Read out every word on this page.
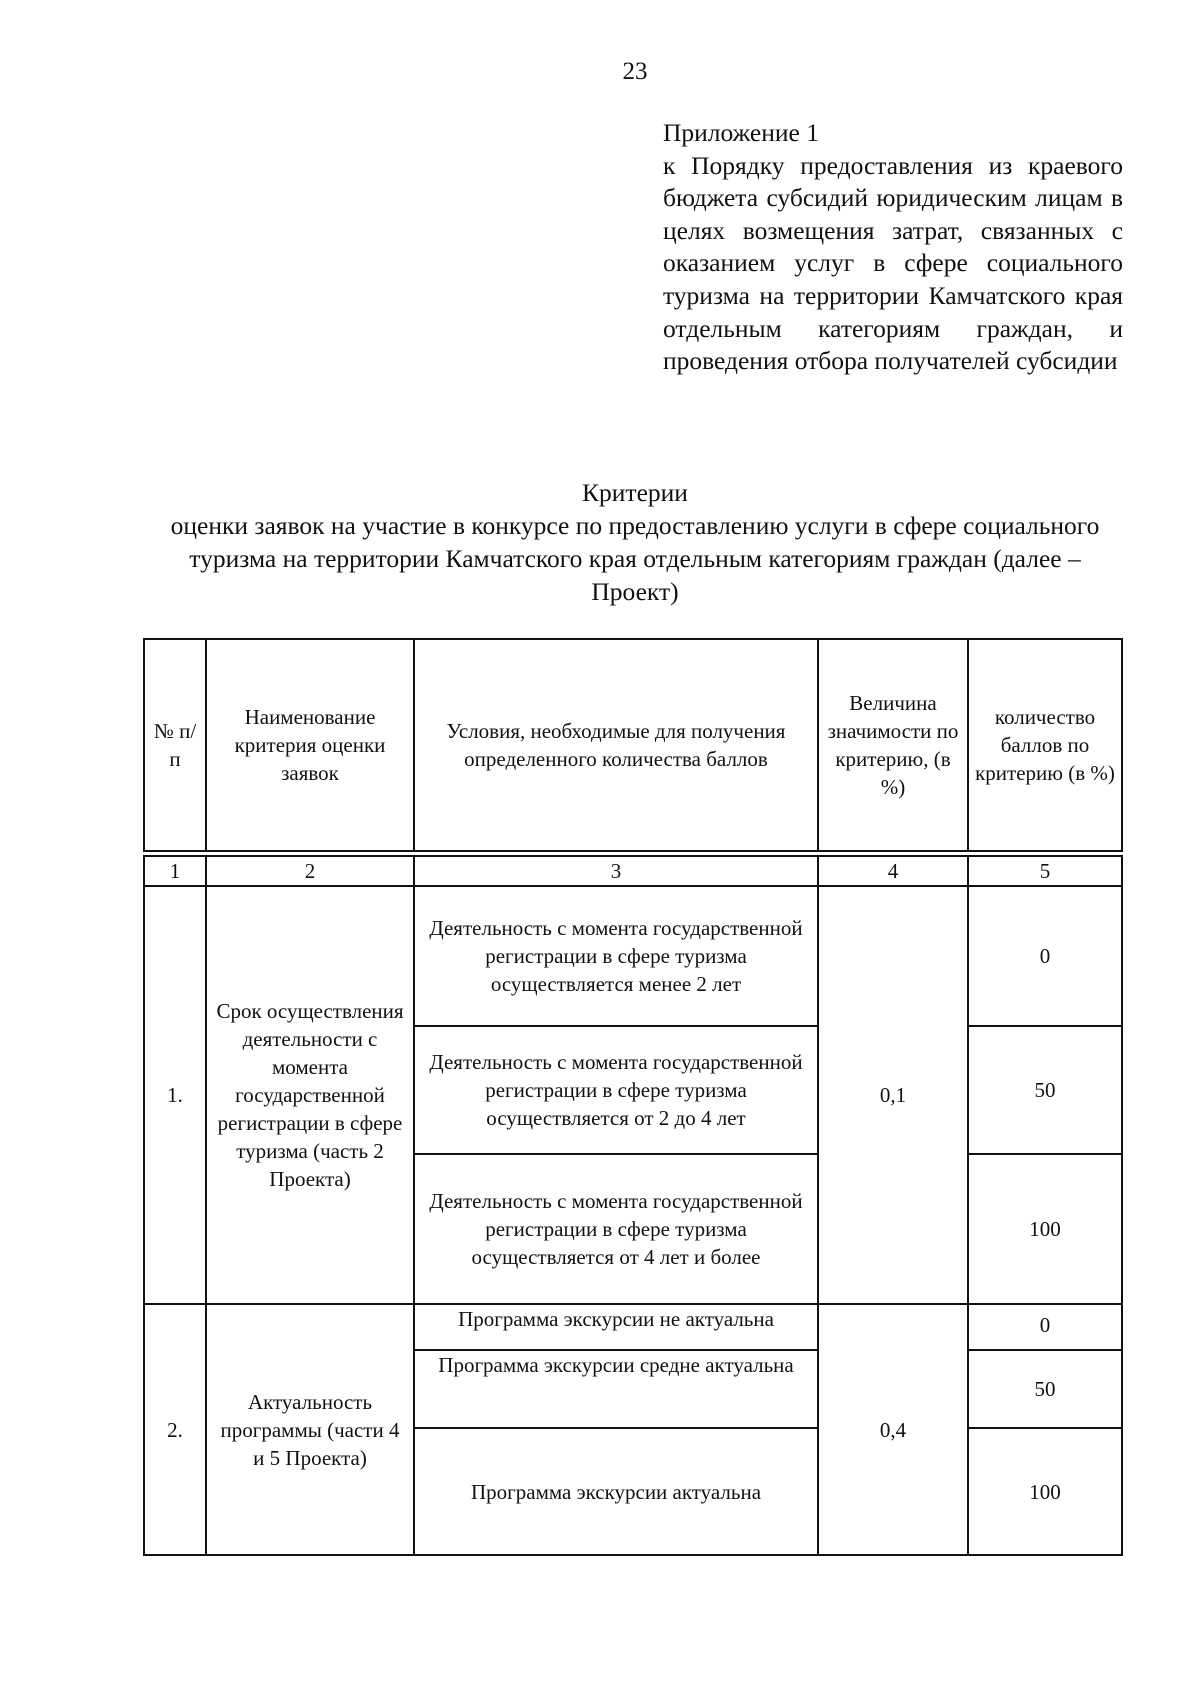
23
Приложение 1
к Порядку предоставления из краевого бюджета субсидий юридическим лицам в целях возмещения затрат, связанных с оказанием услуг в сфере социального туризма на территории Камчатского края отдельным категориям граждан, и проведения отбора получателей субсидии
Критерии
оценки заявок на участие в конкурсе по предоставлению услуги в сфере социального туризма на территории Камчатского края отдельным категориям граждан (далее – Проект)
№ п/п	Наименование критерия оценки заявок	Условия, необходимые для получения определенного количества баллов	Величина значимости по критерию, (в %)	количество баллов по критерию (в %)

1	2	3	4	5
1.	Срок осуществления деятельности с момента государственной регистрации в сфере туризма (часть 2 Проекта)	Деятельность с момента государственной регистрации в сфере туризма осуществляется менее 2 лет	0,1	0
		Деятельность с момента государственной регистрации в сфере туризма осуществляется от 2 до 4 лет		50
		Деятельность с момента государственной регистрации в сфере туризма осуществляется от 4 лет и более		100
2.	Актуальность программы (части 4 и 5 Проекта)	Программа экскурсии не актуальна	0,4	0
		Программа экскурсии средне актуальна		50
		Программа экскурсии актуальна		100
